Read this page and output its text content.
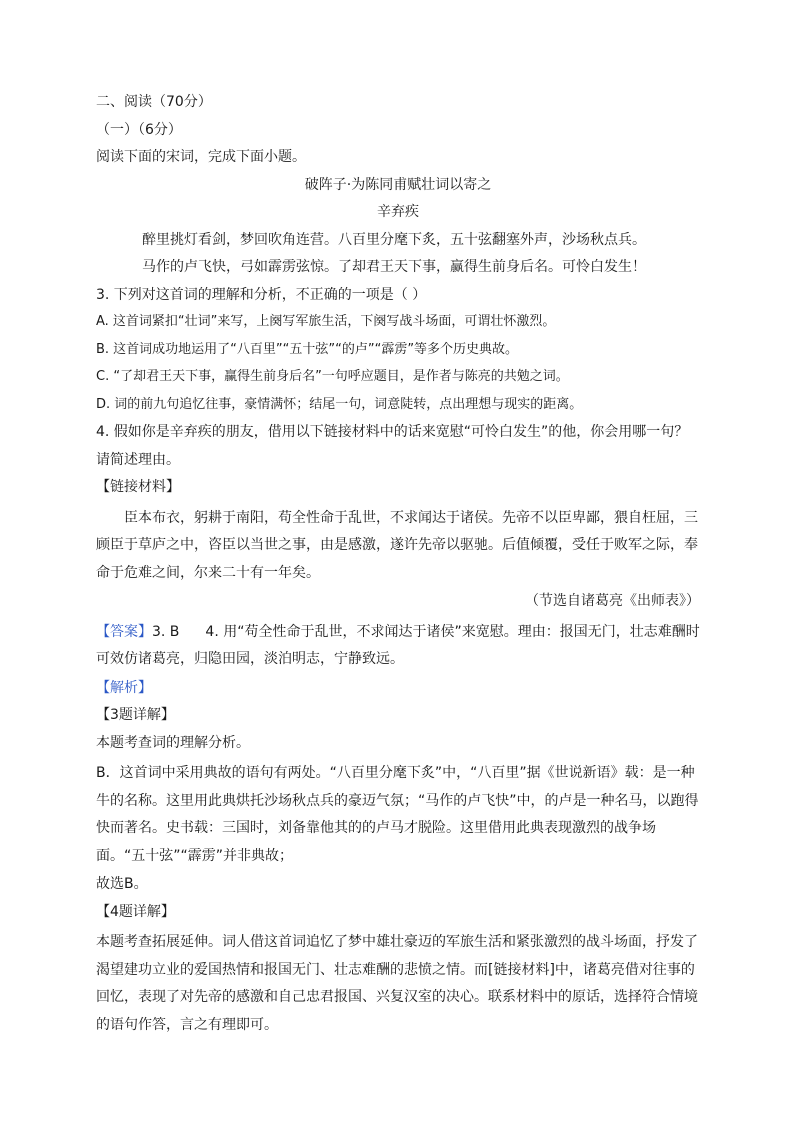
二、阅读（70分）
（一）（6分）
阅读下面的宋词，完成下面小题。
破阵子·为陈同甫赋壮词以寄之
辛弃疾
醉里挑灯看剑，梦回吹角连营。八百里分麾下炙，五十弦翻塞外声，沙场秋点兵。
马作的卢飞快，弓如霹雳弦惊。了却君王天下事，赢得生前身后名。可怜白发生！
3. 下列对这首词的理解和分析，不正确的一项是（ ）
A. 这首词紧扣“壮词”来写，上阕写军旅生活，下阕写战斗场面，可谓壮怀激烈。
B. 这首词成功地运用了“八百里”“五十弦”“的卢”“霹雳”等多个历史典故。
C. “了却君王天下事，赢得生前身后名”一句呼应题目，是作者与陈亮的共勉之词。
D. 词的前九句追忆往事，豪情满怀；结尾一句，词意陡转，点出理想与现实的距离。
4. 假如你是辛弃疾的朋友，借用以下链接材料中的话来宽慰“可怜白发生”的他，你会用哪一句？
请简述理由。
【链接材料】
臣本布衣，躬耕于南阳，苟全性命于乱世，不求闻达于诸侯。先帝不以臣卑鄙，猥自枉屈，三顾臣于草庐之中，咨臣以当世之事，由是感激，遂许先帝以驱驰。后值倾覆，受任于败军之际，奉命于危难之间，尔来二十有一年矣。
（节选自诸葛亮《出师表》）
【答案】3. B 4. 用“苟全性命于乱世，不求闻达于诸侯”来宽慰。理由：报国无门，壮志难酬时可效仿诸葛亮，归隐田园，淡泊明志，宁静致远。
【解析】
【3题详解】
本题考查词的理解分析。
B．这首词中采用典故的语句有两处。“八百里分麾下炙”中，“八百里”据《世说新语》载：是一种牛的名称。这里用此典烘托沙场秋点兵的豪迈气氛；“马作的卢飞快”中，的卢是一种名马，以跑得快而著名。史书载：三国时，刘备靠他其的的卢马才脱险。这里借用此典表现激烈的战争场面。“五十弦”“霹雳”并非典故；
故选B。
【4题详解】
本题考查拓展延伸。词人借这首词追忆了梦中雄壮豪迈的军旅生活和紧张激烈的战斗场面，抒发了渴望建功立业的爱国热情和报国无门、壮志难酬的悲愤之情。而[链接材料]中，诸葛亮借对往事的回忆，表现了对先帝的感激和自己忠君报国、兴复汉室的决心。联系材料中的原话，选择符合情境的语句作答，言之有理即可。
